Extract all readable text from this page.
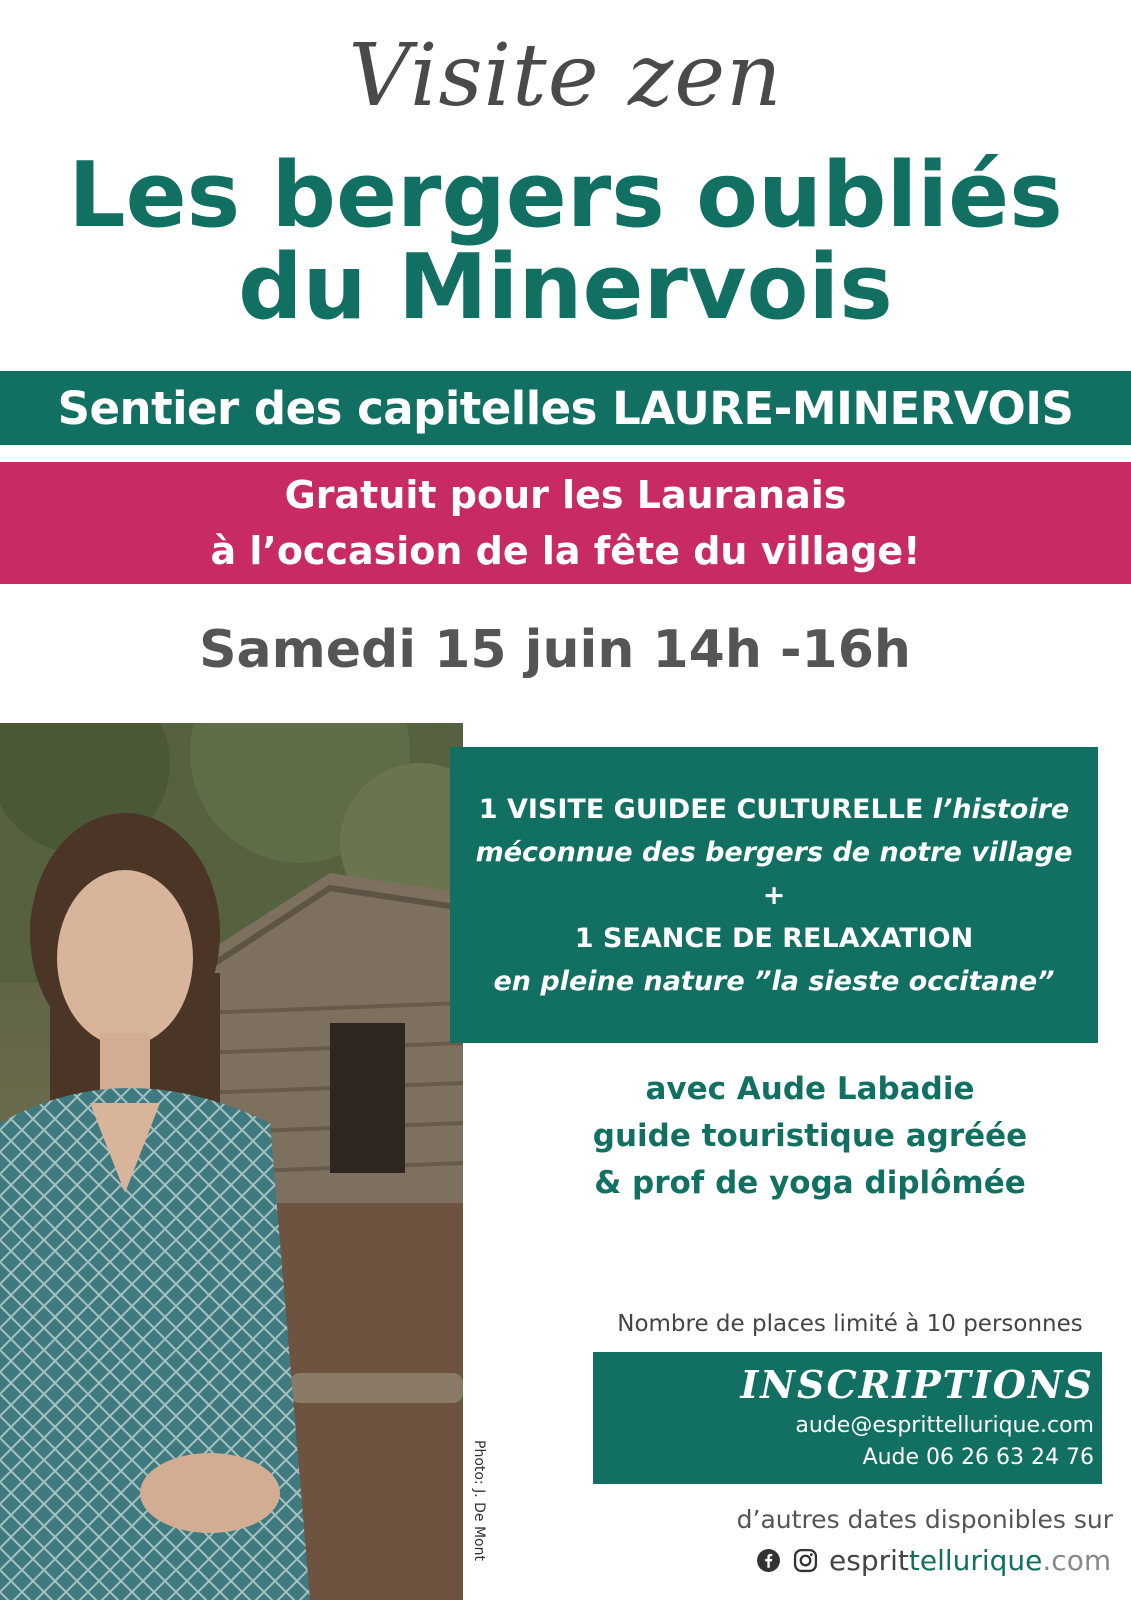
Visite zen
Les bergers oubliés
du Minervois
Sentier des capitelles LAURE-MINERVOIS
Gratuit pour les Lauranais
à l’occasion de la fête du village!
Samedi 15 juin 14h -16h
Photo: J. De Mont
1 VISITE GUIDEE CULTURELLE l’histoire
méconnue des bergers de notre village
+
1 SEANCE DE RELAXATION
en pleine nature ”la sieste occitane”
avec Aude Labadie
guide touristique agréée
& prof de yoga diplômée
Nombre de places limité à 10 personnes
INSCRIPTIONS
aude@esprittellurique.com
Aude 06 26 63 24 76
d’autres dates disponibles sur
esprittellurique.com
